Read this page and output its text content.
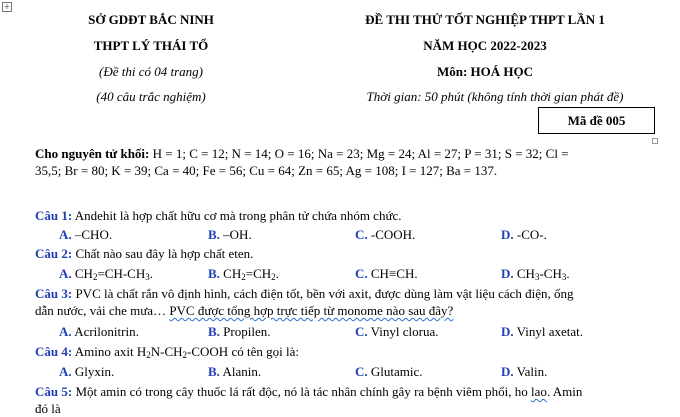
+
SỞ GDĐT BẮC NINH
THPT LÝ THÁI TỔ
(Đề thi có 04 trang)
(40 câu trắc nghiệm)
ĐỀ THI THỬ TỐT NGHIỆP THPT LẦN 1
NĂM HỌC 2022-2023
Môn: HOÁ HỌC
Thời gian: 50 phút (không tính thời gian phát đề)
Mã đề 005
Cho nguyên tử khối: H = 1; C = 12; N = 14; O = 16; Na = 23; Mg = 24; Al = 27; P = 31; S = 32; Cl =
35,5; Br = 80; K = 39; Ca = 40; Fe = 56; Cu = 64; Zn = 65; Ag = 108; I = 127; Ba = 137.
Câu 1: Andehit là hợp chất hữu cơ mà trong phân tử chứa nhóm chức.
A. –CHO.	B. –OH.	C. -COOH.	D. -CO-.
Câu 2: Chất nào sau đây là hợp chất eten.
A. $CH_2=CH-CH_3$.	B. $CH_2=CH_2$.	C. CH≡CH.	D. $CH_3-CH_3$.
Câu 3: PVC là chất rắn vô định hình, cách điện tốt, bền với axit, được dùng làm vật liệu cách điện, ống
dẫn nước, vải che mưa… PVC được tổng hợp trực tiếp từ monome nào sau đây?
A. Acrilonitrin.	B. Propilen.	C. Vinyl clorua.	D. Vinyl axetat.
Câu 4: Amino axit $H_2N-CH_2$-COOH có tên gọi là:
A. Glyxin.	B. Alanin.	C. Glutamic.	D. Valin.
Câu 5: Một amin có trong cây thuốc lá rất độc, nó là tác nhân chính gây ra bệnh viêm phổi, ho lao. Amin
đó là
